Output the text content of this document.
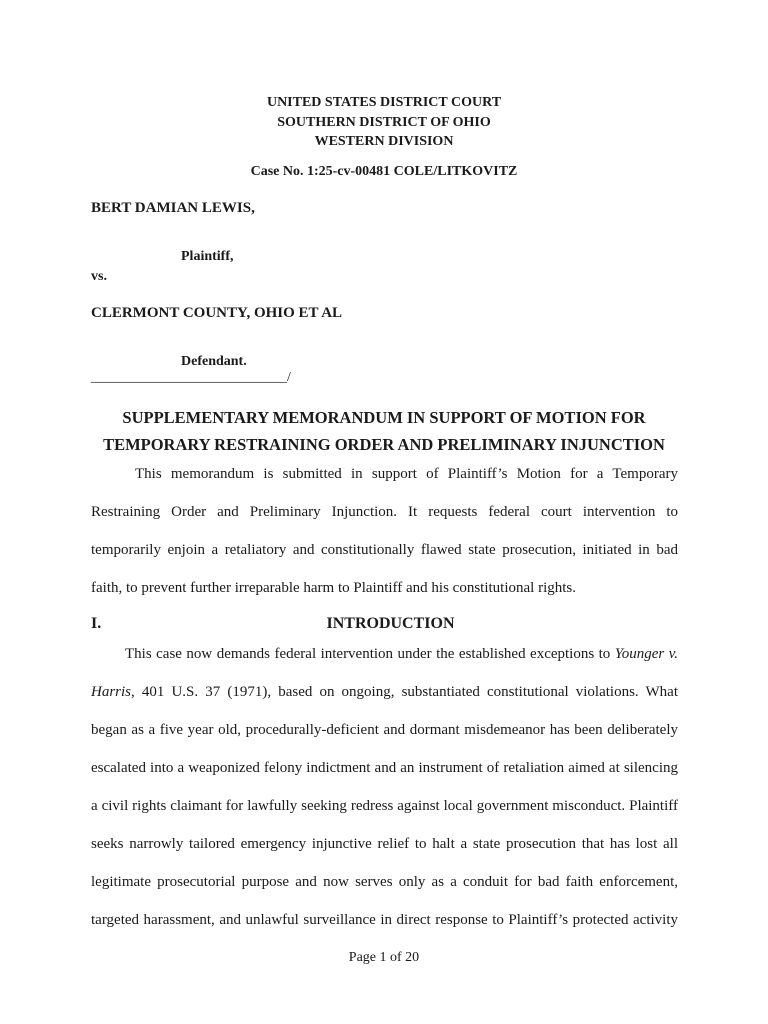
UNITED STATES DISTRICT COURT
SOUTHERN DISTRICT OF OHIO
WESTERN DIVISION
Case No. 1:25-cv-00481 COLE/LITKOVITZ
BERT DAMIAN LEWIS,
Plaintiff,
vs.
CLERMONT COUNTY, OHIO ET AL
Defendant.
____________________________/
SUPPLEMENTARY MEMORANDUM IN SUPPORT OF MOTION FOR
TEMPORARY RESTRAINING ORDER AND PRELIMINARY INJUNCTION
This memorandum is submitted in support of Plaintiff’s Motion for a Temporary
Restraining Order and Preliminary Injunction. It requests federal court intervention to
temporarily enjoin a retaliatory and constitutionally flawed state prosecution, initiated in bad
faith, to prevent further irreparable harm to Plaintiff and his constitutional rights.
I.	INTRODUCTION
This case now demands federal intervention under the established exceptions to Younger v.
Harris, 401 U.S. 37 (1971), based on ongoing, substantiated constitutional violations. What
began as a five year old, procedurally-deficient and dormant misdemeanor has been deliberately
escalated into a weaponized felony indictment and an instrument of retaliation aimed at silencing
a civil rights claimant for lawfully seeking redress against local government misconduct. Plaintiff
seeks narrowly tailored emergency injunctive relief to halt a state prosecution that has lost all
legitimate prosecutorial purpose and now serves only as a conduit for bad faith enforcement,
targeted harassment, and unlawful surveillance in direct response to Plaintiff’s protected activity
Page 1 of 20
